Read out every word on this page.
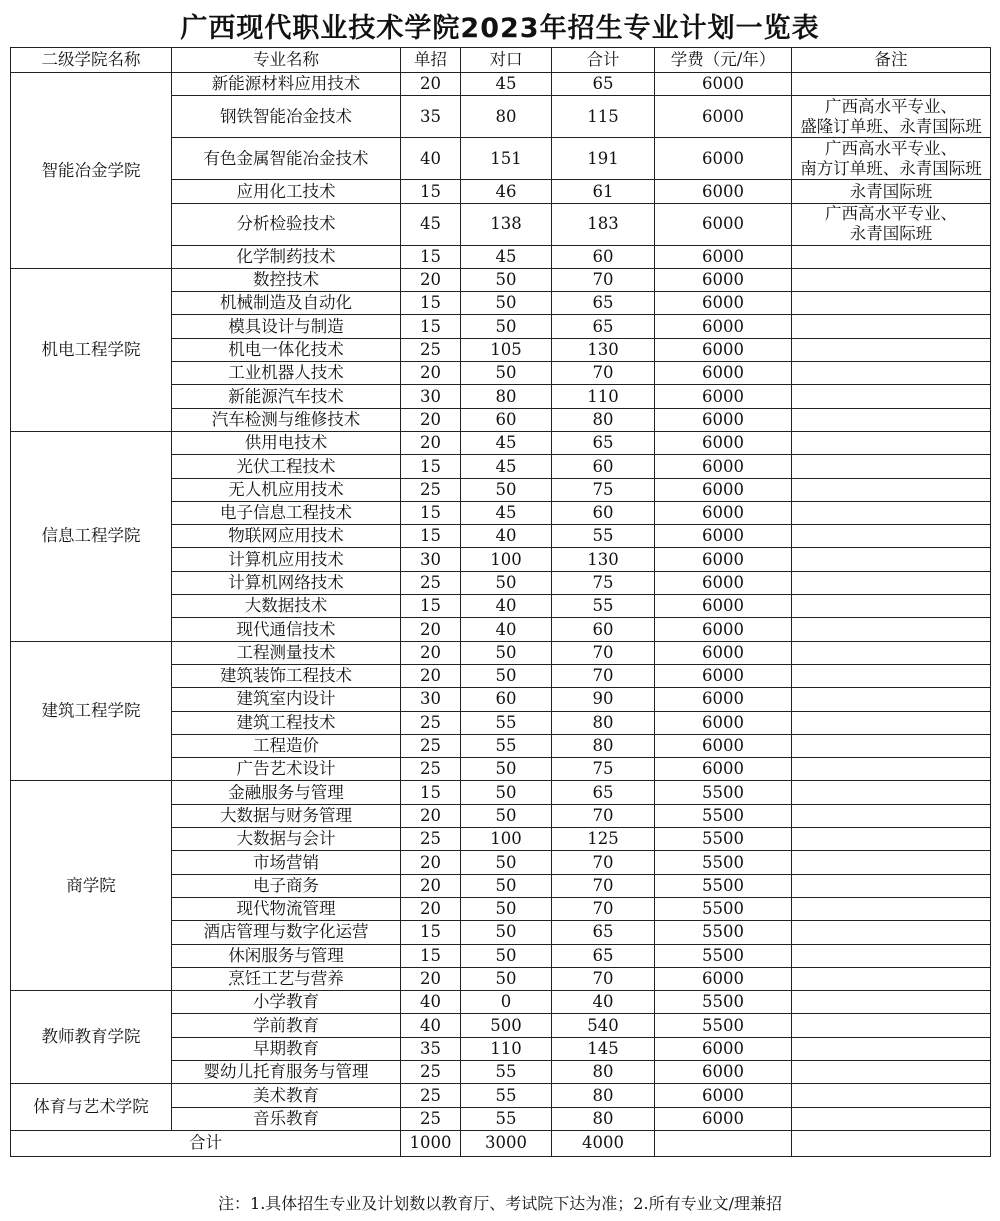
广西现代职业技术学院2023年招生专业计划一览表
二级学院名称	专业名称	单招	对口	合计	学费（元/年）	备注
智能冶金学院	新能源材料应用技术	20	45	65	6000	
	钢铁智能冶金技术	35	80	115	6000	广西高水平专业、
盛隆订单班、永青国际班

	有色金属智能冶金技术	40	151	191	6000	广西高水平专业、
南方订单班、永青国际班

	应用化工技术	15	46	61	6000	永青国际班

	分析检验技术	45	138	183	6000	广西高水平专业、
永青国际班

	化学制药技术	15	45	60	6000	
机电工程学院	数控技术	20	50	70	6000	
	机械制造及自动化	15	50	65	6000	
	模具设计与制造	15	50	65	6000	
	机电一体化技术	25	105	130	6000	
	工业机器人技术	20	50	70	6000	
	新能源汽车技术	30	80	110	6000	
	汽车检测与维修技术	20	60	80	6000	
信息工程学院	供用电技术	20	45	65	6000	
	光伏工程技术	15	45	60	6000	
	无人机应用技术	25	50	75	6000	
	电子信息工程技术	15	45	60	6000	
	物联网应用技术	15	40	55	6000	
	计算机应用技术	30	100	130	6000	
	计算机网络技术	25	50	75	6000	
	大数据技术	15	40	55	6000	
	现代通信技术	20	40	60	6000	
建筑工程学院	工程测量技术	20	50	70	6000	
	建筑装饰工程技术	20	50	70	6000	
	建筑室内设计	30	60	90	6000	
	建筑工程技术	25	55	80	6000	
	工程造价	25	55	80	6000	
	广告艺术设计	25	50	75	6000	
商学院	金融服务与管理	15	50	65	5500	
	大数据与财务管理	20	50	70	5500	
	大数据与会计	25	100	125	5500	
	市场营销	20	50	70	5500	
	电子商务	20	50	70	5500	
	现代物流管理	20	50	70	5500	
	酒店管理与数字化运营	15	50	65	5500	
	休闲服务与管理	15	50	65	5500	
	烹饪工艺与营养	20	50	70	6000	
教师教育学院	小学教育	40	0	40	5500	
	学前教育	40	500	540	5500	
	早期教育	35	110	145	6000	
	婴幼儿托育服务与管理	25	55	80	6000	
体育与艺术学院	美术教育	25	55	80	6000	
	音乐教育	25	55	80	6000	
合计		1000	3000	4000		
注：1.具体招生专业及计划数以教育厅、考试院下达为准；2.所有专业文/理兼招
